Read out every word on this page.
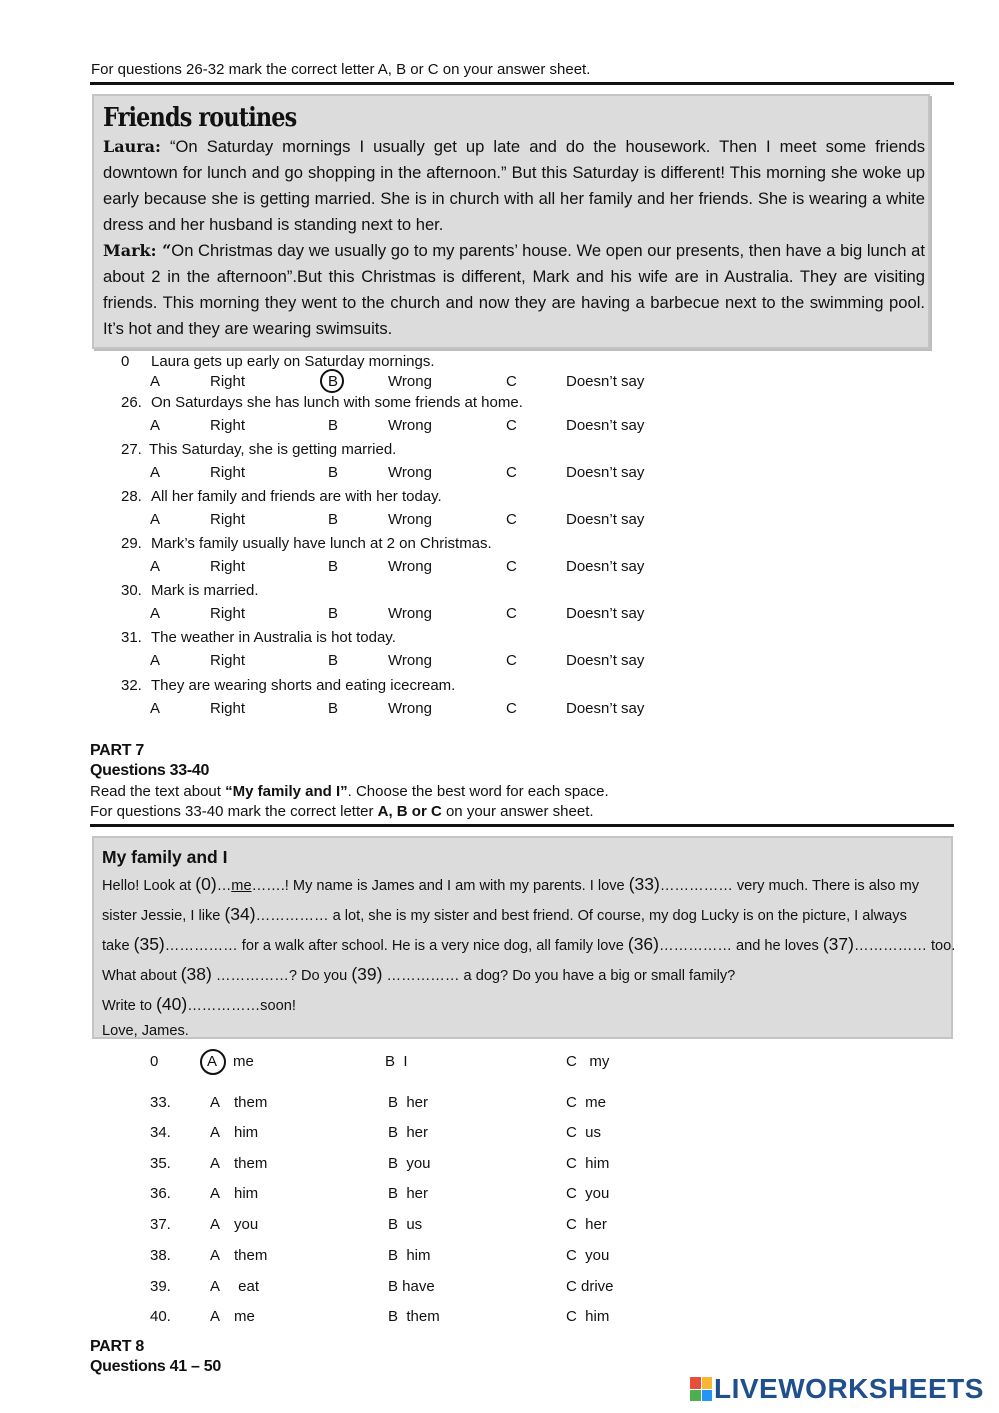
For questions 26-32 mark the correct letter A, B or C on your answer sheet.
Friends routines
Laura: “On Saturday mornings I usually get up late and do the housework. Then I meet some friends downtown for lunch and go shopping in the afternoon.” But this Saturday is different! This morning she woke up early because she is getting married. She is in church with all her family and her friends. She is wearing a white dress and her husband is standing next to her.
Mark: “On Christmas day we usually go to my parents’ house. We open our presents, then have a big lunch at about 2 in the afternoon”.But this Christmas is different, Mark and his wife are in Australia. They are visiting friends. This morning they went to the church and now they are having a barbecue next to the swimming pool. It’s hot and they are wearing swimsuits.
0 Laura gets up early on Saturday mornings.
A	Right	B	Wrong	C	Doesn’t say
26. On Saturdays she has lunch with some friends at home.
A	Right	B	Wrong	C	Doesn’t say
27. This Saturday, she is getting married.
A	Right	B	Wrong	C	Doesn’t say
28. All her family and friends are with her today.
A	Right	B	Wrong	C	Doesn’t say
29. Mark’s family usually have lunch at 2 on Christmas.
A	Right	B	Wrong	C	Doesn’t say
30. Mark is married.
A	Right	B	Wrong	C	Doesn’t say
31. The weather in Australia is hot today.
A	Right	B	Wrong	C	Doesn’t say
32. They are wearing shorts and eating icecream.
A	Right	B	Wrong	C	Doesn’t say
PART 7
Questions 33-40
Read the text about “My family and I”. Choose the best word for each space.
For questions 33-40 mark the correct letter A, B or C on your answer sheet.
My family and I
Hello! Look at (0)…me…….! My name is James and I am with my parents. I love (33)…………… very much. There is also my
sister Jessie, I like (34)…………… a lot, she is my sister and best friend. Of course, my dog Lucky is on the picture, I always
take (35)…………… for a walk after school. He is a very nice dog, all family love (36)…………… and he loves (37)…………… too.
What about (38) ……………? Do you (39) …………… a dog? Do you have a big or small family?
Write to (40)……………soon!
Love, James.
0	A me	B  I	C   my
33.	A them	B  her	C  me
34.	A him	B  her	C  us
35.	A them	B  you	C  him
36.	A him	B  her	C  you
37.	A you	B  us	C  her
38.	A them	B  him	C  you
39.	A eat	B have	C drive
40.	A me	B  them	C  him
PART 8
Questions 41 – 50
LIVEWORKSHEETS
